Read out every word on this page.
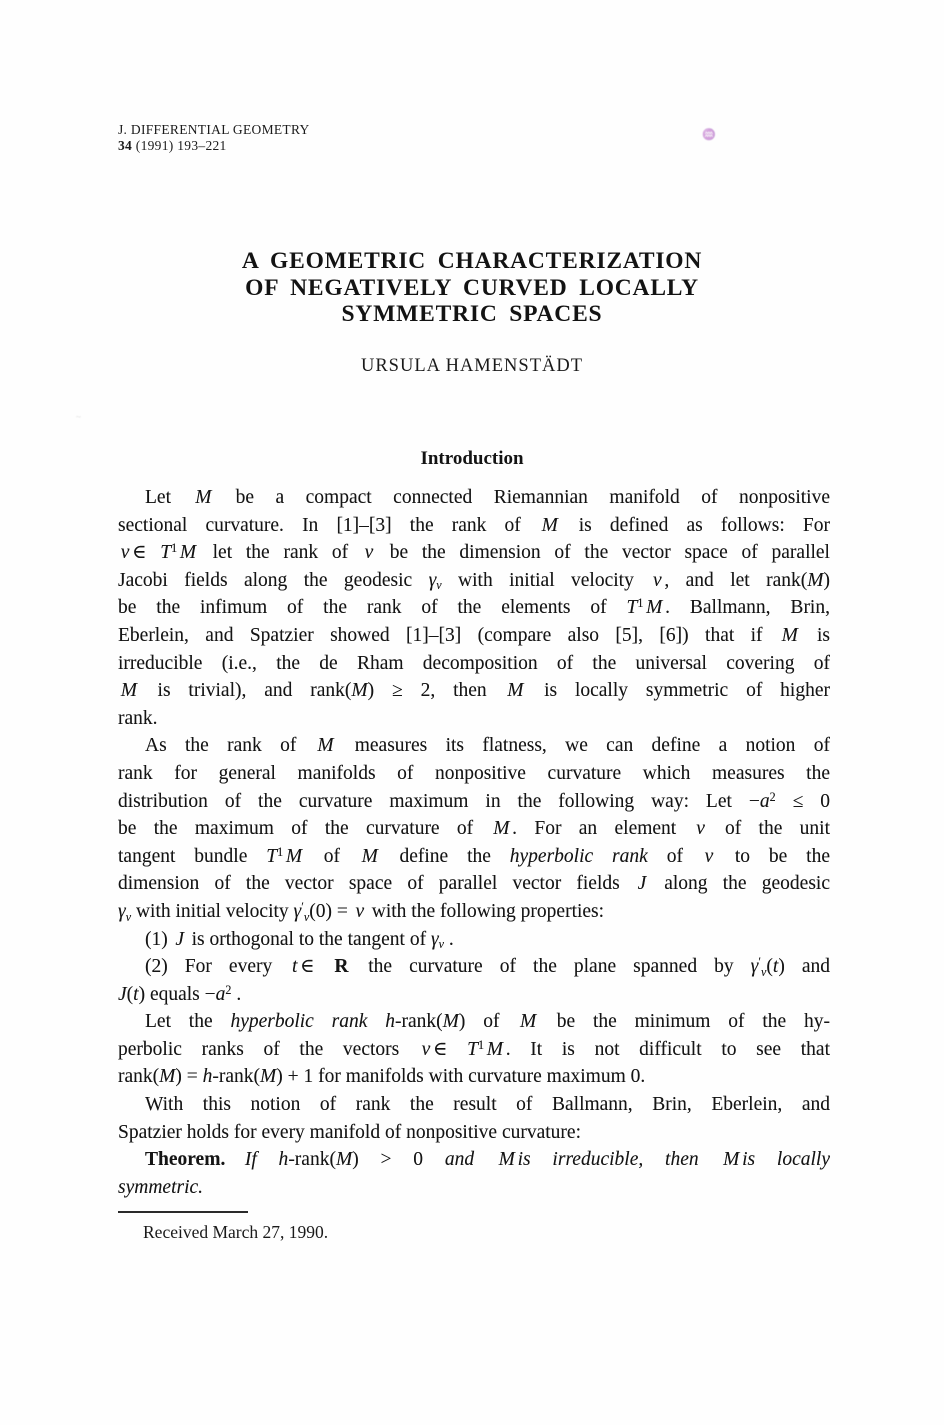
J. DIFFERENTIAL GEOMETRY
34 (1991) 193–221
♒
~
A GEOMETRIC CHARACTERIZATION
OF NEGATIVELY CURVED LOCALLY
SYMMETRIC SPACES
URSULA HAMENSTÄDT
Introduction
Let M be a compact connected Riemannian manifold of nonpositive
sectional curvature. In [1]–[3] the rank of M is defined as follows: For
v ∈ $T^1$ M let the rank of v be the dimension of the vector space of parallel
Jacobi fields along the geodesic γv with initial velocity v , and let rank(M)
be the infimum of the rank of the elements of $T^1$ M . Ballmann, Brin,
Eberlein, and Spatzier showed [1]–[3] (compare also [5], [6]) that if M is
irreducible (i.e., the de Rham decomposition of the universal covering of
M is trivial), and rank(M) ≥ 2, then M is locally symmetric of higher
rank.
As the rank of M measures its flatness, we can define a notion of
rank for general manifolds of nonpositive curvature which measures the
distribution of the curvature maximum in the following way: Let $-a^2 \le 0$
be the maximum of the curvature of M . For an element v of the unit
tangent bundle $T^1$ M of M define the hyperbolic rank of v to be the
dimension of the vector space of parallel vector fields J along the geodesic
γv with initial velocity γ′v(0) = v with the following properties:
(1) J is orthogonal to the tangent of γv .
(2) For every t ∈ R the curvature of the plane spanned by γ′v(t) and
J(t) equals $-a^2$ .
Let the hyperbolic rank h-rank(M) of M be the minimum of the hy-
perbolic ranks of the vectors v ∈ $T^1$ M . It is not difficult to see that
rank(M) = h-rank(M) + 1 for manifolds with curvature maximum 0.
With this notion of rank the result of Ballmann, Brin, Eberlein, and
Spatzier holds for every manifold of nonpositive curvature:
Theorem.   If h-rank(M) > 0 and M is irreducible, then M is locally
symmetric.
Received March 27, 1990.
